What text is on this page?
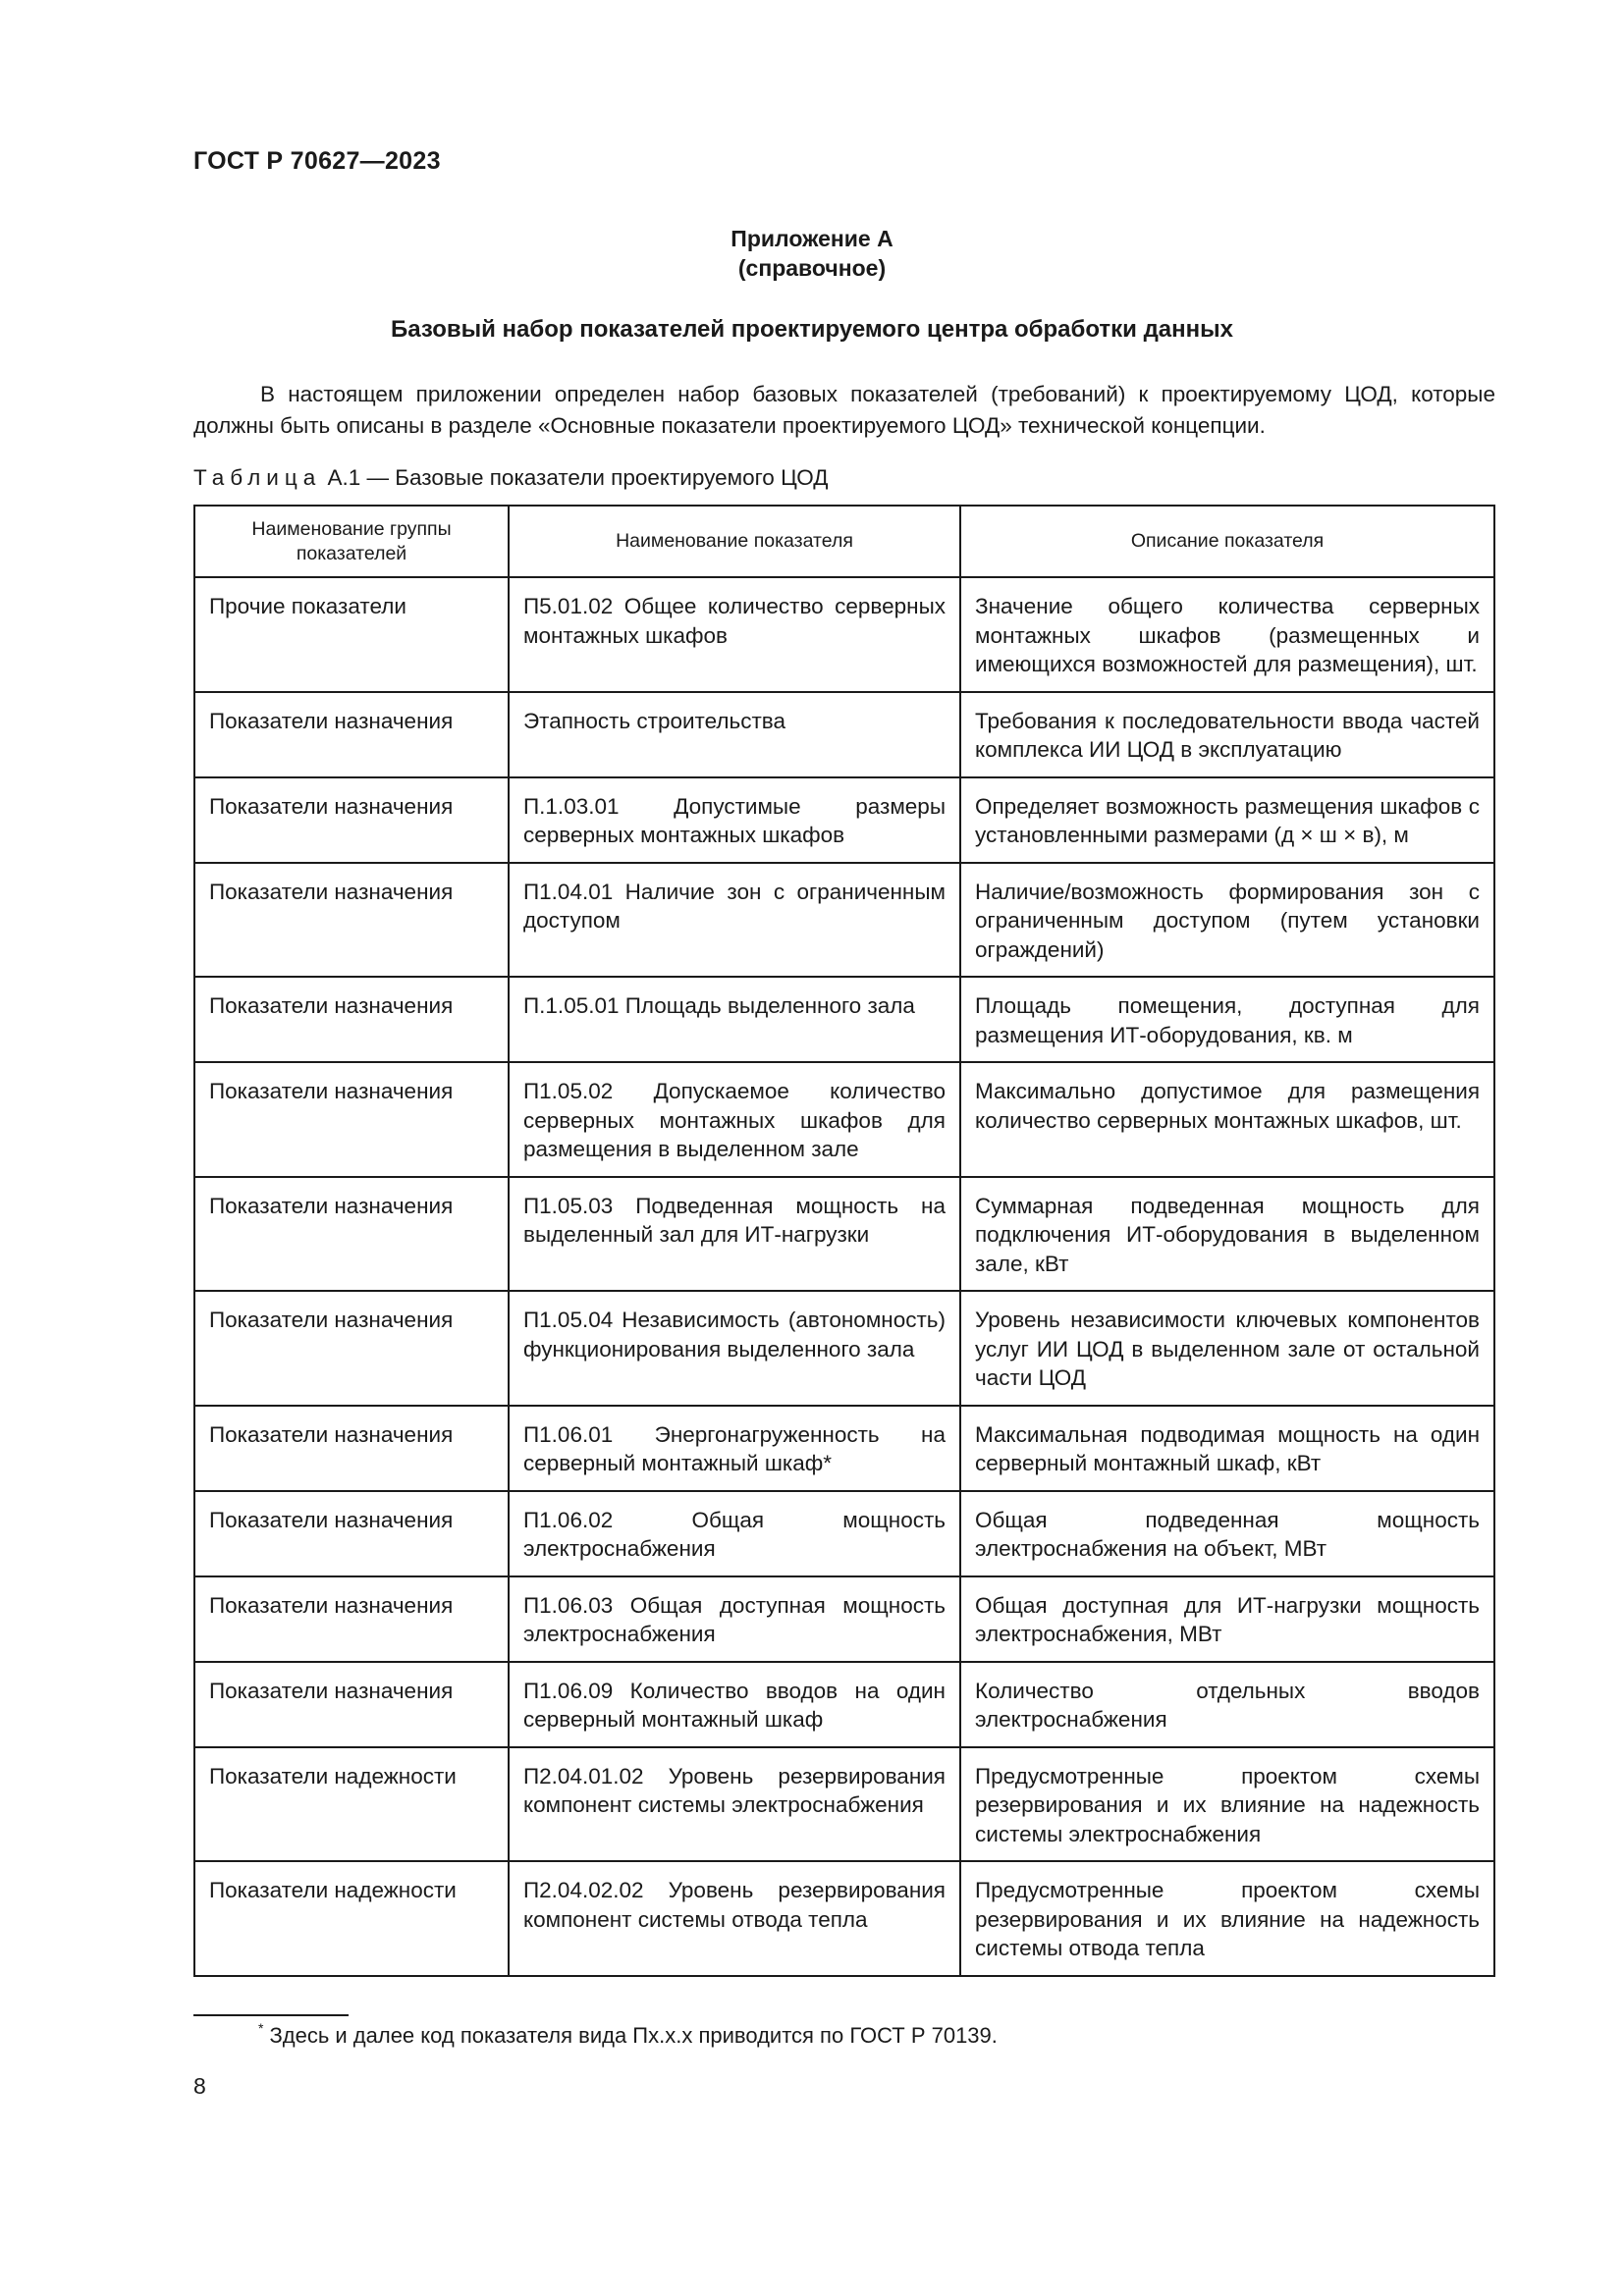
ГОСТ Р 70627—2023
Приложение А
(справочное)
Базовый набор показателей проектируемого центра обработки данных

В настоящем приложении определен набор базовых показателей (требований) к проектируемому ЦОД, которые должны быть описаны в разделе «Основные показатели проектируемого ЦОД» технической концепции.

Таблица А.1 — Базовые показатели проектируемого ЦОД
Наименование группы показателей	Наименование показателя	Описание показателя
Прочие показатели	П5.01.02 Общее количество серверных монтажных шкафов	Значение общего количества серверных монтажных шкафов (размещенных и имеющихся возможностей для размещения), шт.
Показатели назначения	Этапность строительства	Требования к последовательности ввода частей комплекса ИИ ЦОД в эксплуатацию
Показатели назначения	П.1.03.01 Допустимые размеры серверных монтажных шкафов	Определяет возможность размещения шкафов с установленными размерами (д × ш × в), м
Показатели назначения	П1.04.01 Наличие зон с ограниченным доступом	Наличие/возможность формирования зон с ограниченным доступом (путем установки ограждений)
Показатели назначения	П.1.05.01 Площадь выделенного зала	Площадь помещения, доступная для размещения ИТ-оборудования, кв. м
Показатели назначения	П1.05.02 Допускаемое количество серверных монтажных шкафов для размещения в выделенном зале	Максимально допустимое для размещения количество серверных монтажных шкафов, шт.
Показатели назначения	П1.05.03 Подведенная мощность на выделенный зал для ИТ-нагрузки	Суммарная подведенная мощность для подключения ИТ-оборудования в выделенном зале, кВт
Показатели назначения	П1.05.04 Независимость (автономность) функционирования выделенного зала	Уровень независимости ключевых компонентов услуг ИИ ЦОД в выделенном зале от остальной части ЦОД
Показатели назначения	П1.06.01 Энергонагруженность на серверный монтажный шкаф*	Максимальная подводимая мощность на один серверный монтажный шкаф, кВт
Показатели назначения	П1.06.02 Общая мощность электроснабжения	Общая подведенная мощность электроснабжения на объект, МВт
Показатели назначения	П1.06.03 Общая доступная мощность электроснабжения	Общая доступная для ИТ-нагрузки мощность электроснабжения, МВт
Показатели назначения	П1.06.09 Количество вводов на один серверный монтажный шкаф	Количество отдельных вводов электроснабжения
Показатели надежности	П2.04.01.02 Уровень резервирования компонент системы электроснабжения	Предусмотренные проектом схемы резервирования и их влияние на надежность системы электроснабжения
Показатели надежности	П2.04.02.02 Уровень резервирования компонент системы отвода тепла	Предусмотренные проектом схемы резервирования и их влияние на надежность системы отвода тепла
* Здесь и далее код показателя вида Пх.х.х приводится по ГОСТ Р 70139.
8
